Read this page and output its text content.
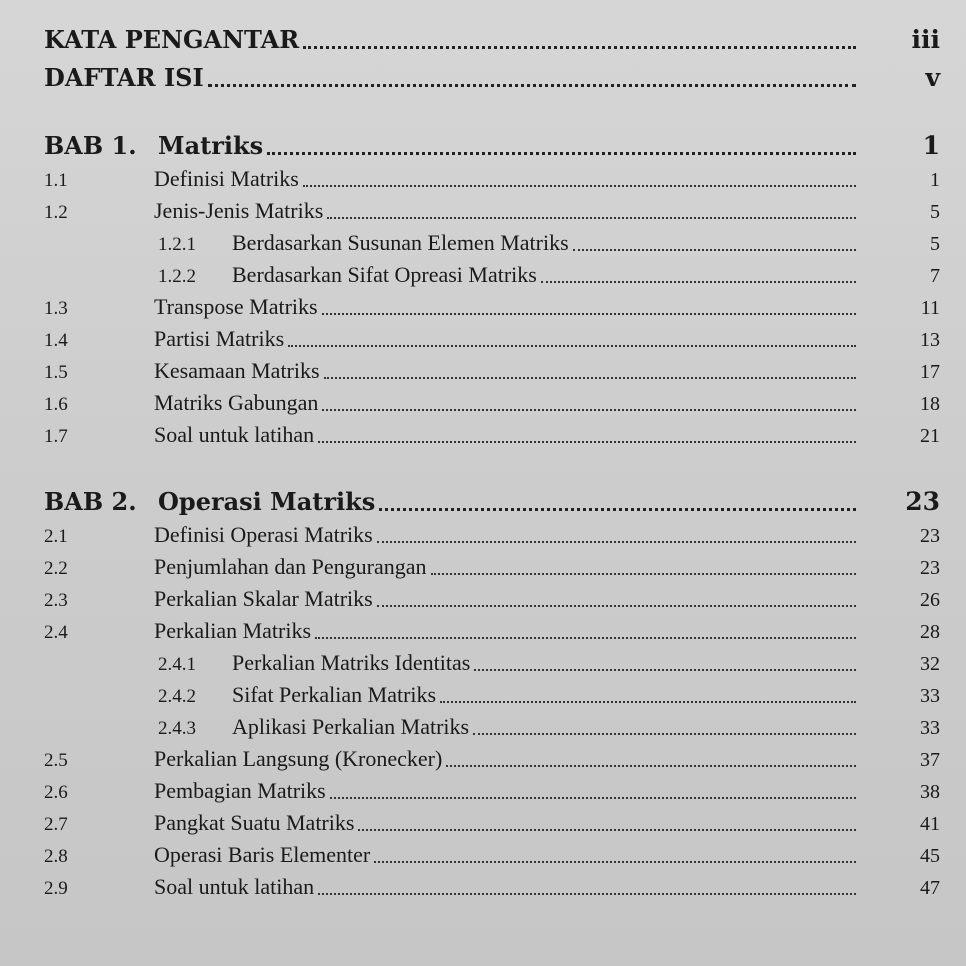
KATA PENGANTAR	iii
DAFTAR ISI	v
BAB 1. Matriks	1
1.1	Definisi Matriks	1
1.2	Jenis-Jenis Matriks	5
1.2.1	Berdasarkan Susunan Elemen Matriks	5
1.2.2	Berdasarkan Sifat Opreasi Matriks	7
1.3	Transpose Matriks	11
1.4	Partisi Matriks	13
1.5	Kesamaan Matriks	17
1.6	Matriks Gabungan	18
1.7	Soal untuk latihan	21
BAB 2. Operasi Matriks	23
2.1	Definisi Operasi Matriks	23
2.2	Penjumlahan dan Pengurangan	23
2.3	Perkalian Skalar Matriks	26
2.4	Perkalian Matriks	28
2.4.1	Perkalian Matriks Identitas	32
2.4.2	Sifat Perkalian Matriks	33
2.4.3	Aplikasi Perkalian Matriks	33
2.5	Perkalian Langsung (Kronecker)	37
2.6	Pembagian Matriks	38
2.7	Pangkat Suatu Matriks	41
2.8	Operasi Baris Elementer	45
2.9	Soal untuk latihan	47
